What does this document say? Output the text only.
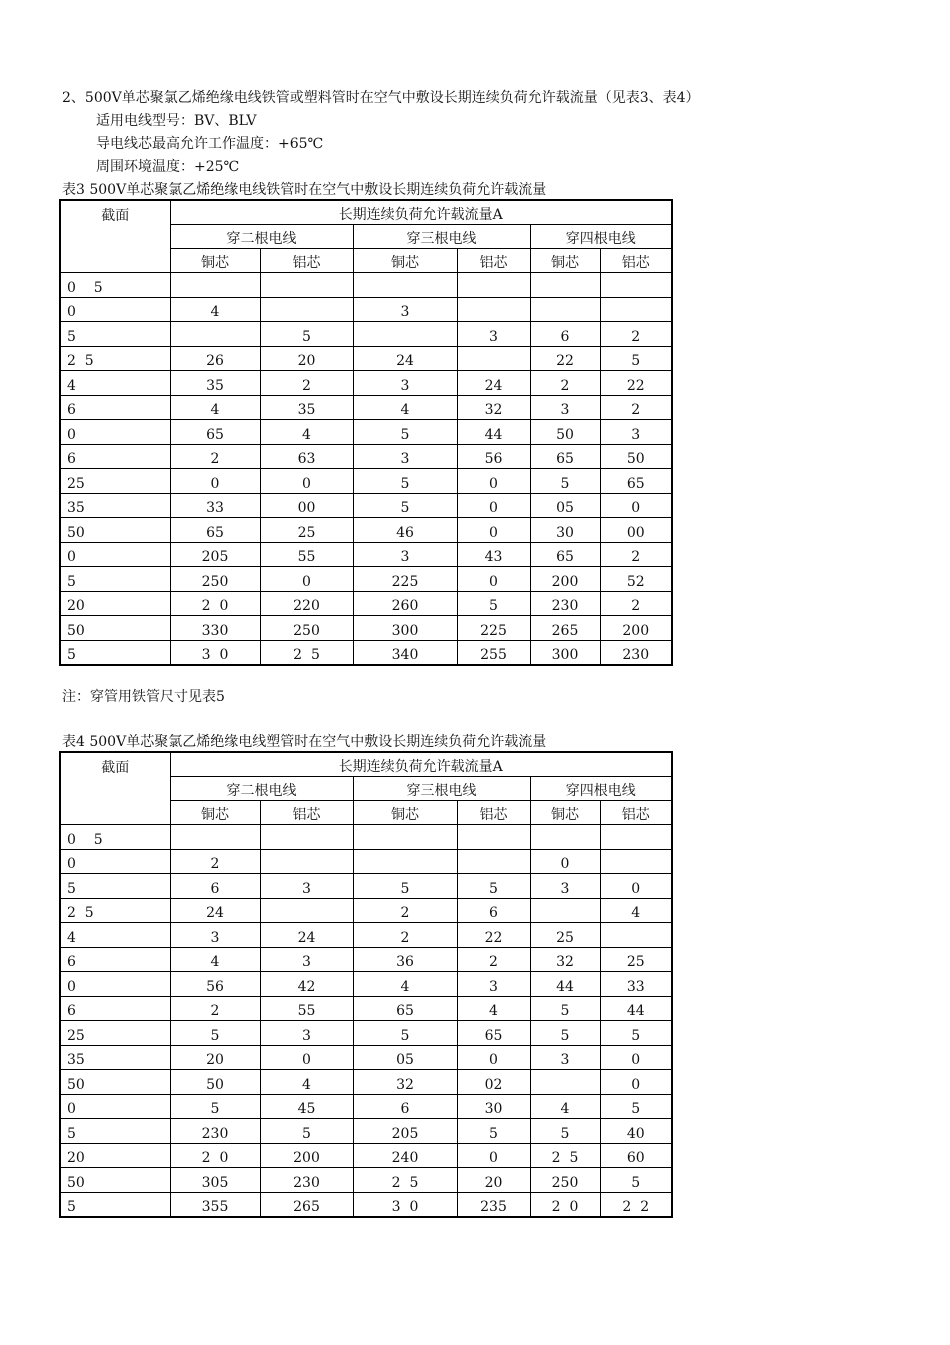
2、500V单芯聚氯乙烯绝缘电线铁管或塑料管时在空气中敷设长期连续负荷允许载流量（见表3、表4）
适用电线型号：BV、BLV
导电线芯最高允许工作温度：+65℃
周围环境温度：+25℃
表3 500V单芯聚氯乙烯绝缘电线铁管时在空气中敷设长期连续负荷允许载流量
截面	长期连续负荷允许载流量A					
	穿二根电线		穿三根电线		穿四根电线	
	铜芯	铝芯	铜芯	铝芯	铜芯	铝芯
0    5						
0	4		3			
5		5		3	6	2
2  5	26	20	24		22	5
4	35	2	3	24	2	22
6	4	35	4	32	3	2
0	65	4	5	44	50	3
6	2	63	3	56	65	50
25	0	0	5	0	5	65
35	33	00	5	0	05	0
50	65	25	46	0	30	00
0	205	55	3	43	65	2
5	250	0	225	0	200	52
20	2  0	220	260	5	230	2
50	330	250	300	225	265	200
5	3  0	2  5	340	255	300	230
注：穿管用铁管尺寸见表5
表4 500V单芯聚氯乙烯绝缘电线塑管时在空气中敷设长期连续负荷允许载流量
截面	长期连续负荷允许载流量A					
	穿二根电线		穿三根电线		穿四根电线	
	铜芯	铝芯	铜芯	铝芯	铜芯	铝芯
0    5						
0	2				0	
5	6	3	5	5	3	0
2  5	24		2	6		4
4	3	24	2	22	25	
6	4	3	36	2	32	25
0	56	42	4	3	44	33
6	2	55	65	4	5	44
25	5	3	5	65	5	5
35	20	0	05	0	3	0
50	50	4	32	02		0
0	5	45	6	30	4	5
5	230	5	205	5	5	40
20	2  0	200	240	0	2  5	60
50	305	230	2  5	20	250	5
5	355	265	3  0	235	2  0	2  2
